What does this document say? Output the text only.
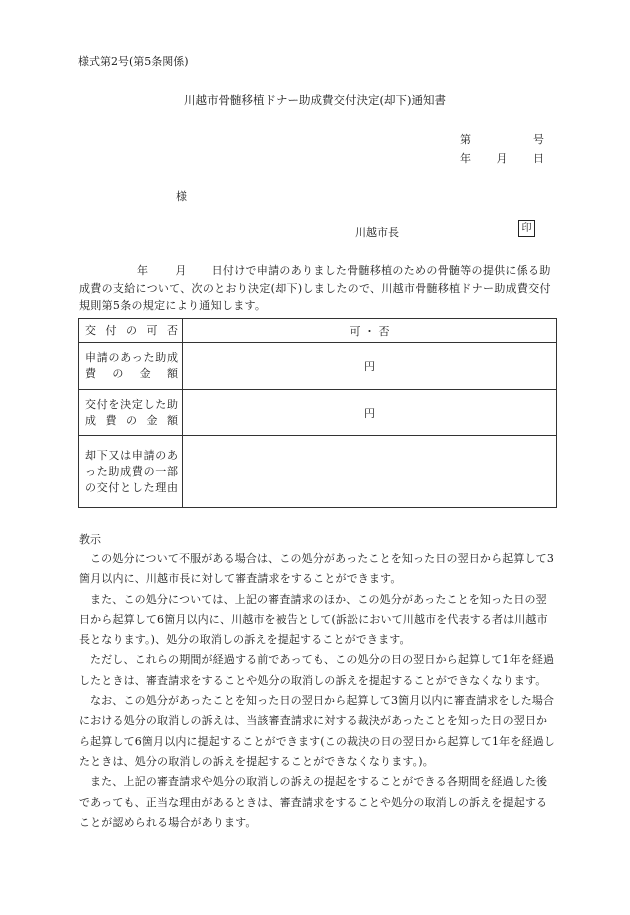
様式第2号(第5条関係)
川越市骨髄移植ドナー助成費交付決定(却下)通知書
第	号
年 月 日
様
川越市長	印
年 月 日付けで申請のありました骨髄移植のための骨髄等の提供に係る助成費の支給について、次のとおり決定(却下)しましたので、川越市骨髄移植ドナー助成費交付規則第5条の規定により通知します。
交付の可否	可 ・ 否
申請のあった助成費の金額	円
交付を決定した助成費の金額	円
却下又は申請のあった助成費の一部の交付とした理由	
教示

この処分について不服がある場合は、この処分があったことを知った日の翌日から起算して3箇月以内に、川越市長に対して審査請求をすることができます。

また、この処分については、上記の審査請求のほか、この処分があったことを知った日の翌日から起算して6箇月以内に、川越市を被告として(訴訟において川越市を代表する者は川越市長となります。)、処分の取消しの訴えを提起することができます。

ただし、これらの期間が経過する前であっても、この処分の日の翌日から起算して1年を経過したときは、審査請求をすることや処分の取消しの訴えを提起することができなくなります。

なお、この処分があったことを知った日の翌日から起算して3箇月以内に審査請求をした場合における処分の取消しの訴えは、当該審査請求に対する裁決があったことを知った日の翌日から起算して6箇月以内に提起することができます(この裁決の日の翌日から起算して1年を経過したときは、処分の取消しの訴えを提起することができなくなります。)。

また、上記の審査請求や処分の取消しの訴えの提起をすることができる各期間を経過した後であっても、正当な理由があるときは、審査請求をすることや処分の取消しの訴えを提起することが認められる場合があります。
